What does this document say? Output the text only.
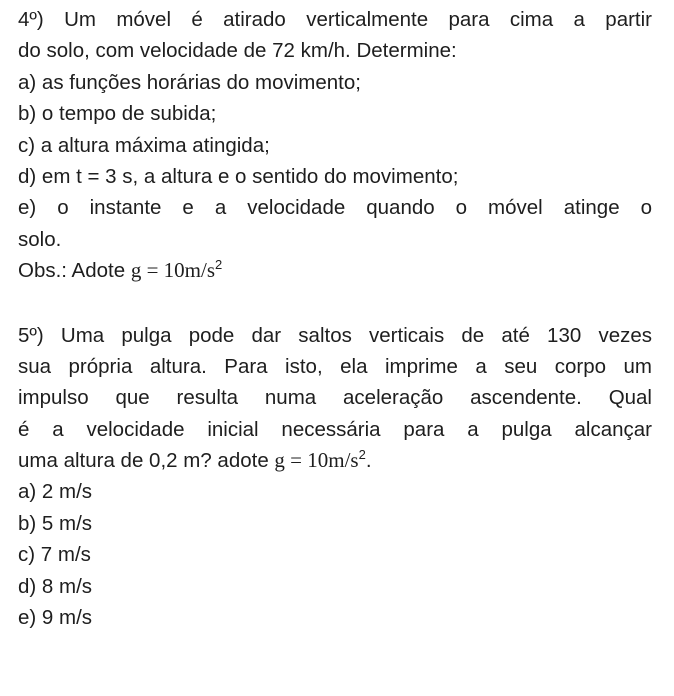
4º) Um móvel é atirado verticalmente para cima a partir
do solo, com velocidade de 72 km/h. Determine:
a) as funções horárias do movimento;
b) o tempo de subida;
c) a altura máxima atingida;
d) em t = 3 s, a altura e o sentido do movimento;
e) o instante e a velocidade quando o móvel atinge o
solo.
Obs.: Adote $g = 10m/s^2$
5º) Uma pulga pode dar saltos verticais de até 130 vezes
sua própria altura. Para isto, ela imprime a seu corpo um
impulso que resulta numa aceleração ascendente. Qual
é a velocidade inicial necessária para a pulga alcançar
uma altura de 0,2 m? adote $g = 10m/s^2$.
a) 2 m/s
b) 5 m/s
c) 7 m/s
d) 8 m/s
e) 9 m/s
